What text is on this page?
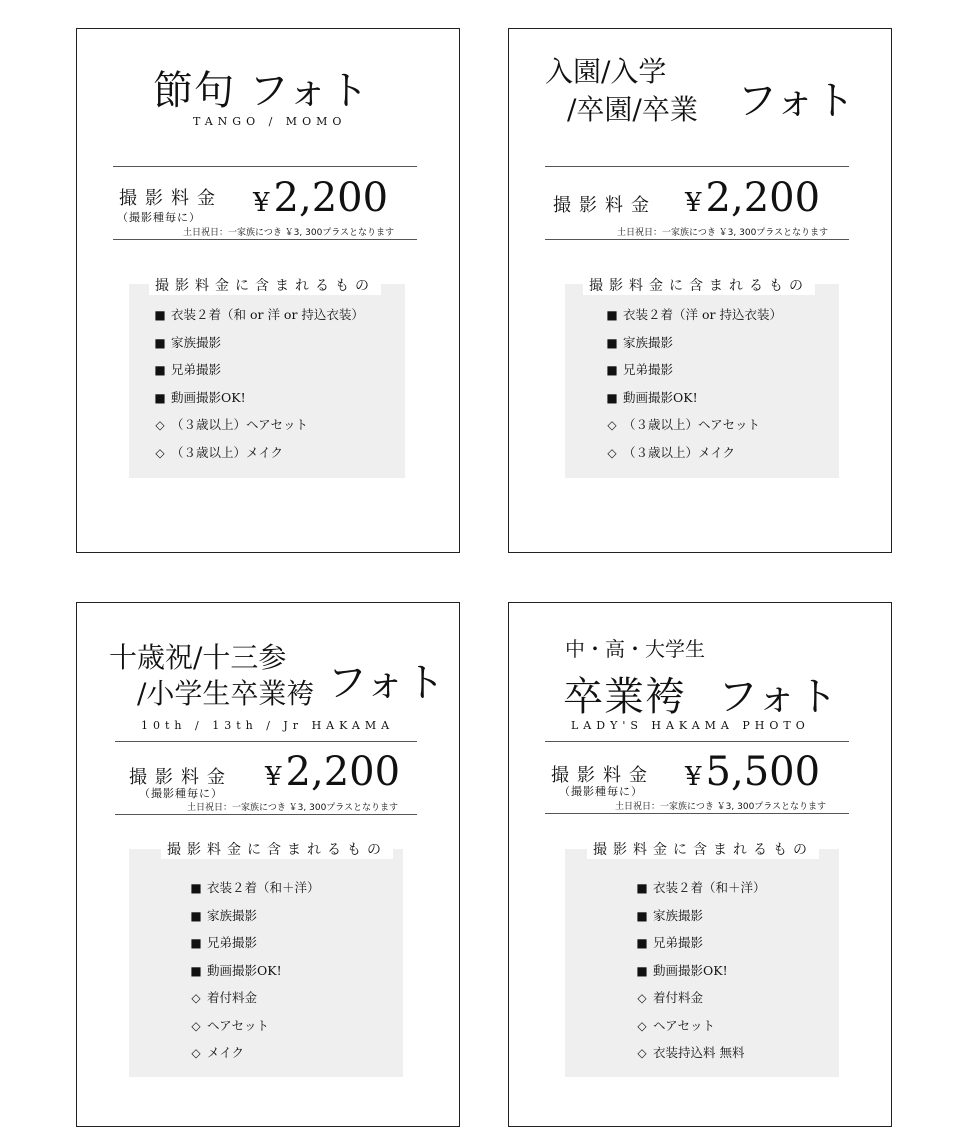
節句 フォト
TANGO / MOMO
撮影料金
（撮影種毎に） ¥ 2,200
土日祝日：一家族につき ￥3, 300プラスとなります
撮影料金に含まれるもの
■ 衣装２着（和 or 洋 or 持込衣装）
■ 家族撮影
■ 兄弟撮影
■ 動画撮影OK!
◇ （３歳以上）ヘアセット
◇ （３歳以上）メイク
入園/入学
/卒園/卒業 フォト
撮影料金 ¥ 2,200
土日祝日：一家族につき ￥3, 300プラスとなります
撮影料金に含まれるもの
■ 衣装２着（洋 or 持込衣装）
■ 家族撮影
■ 兄弟撮影
■ 動画撮影OK!
◇ （３歳以上）ヘアセット
◇ （３歳以上）メイク
十歳祝/十三参
/小学生卒業袴 フォト
10th / 13th / Jr HAKAMA
撮影料金
（撮影種毎に）
¥ 2,200
土日祝日：一家族につき ￥3, 300プラスとなります
撮影料金に含まれるもの
■ 衣装２着（和＋洋）
■ 家族撮影
■ 兄弟撮影
■ 動画撮影OK!
◇ 着付料金
◇ ヘアセット
◇ メイク
中・高・大学生
卒業袴 フォト
LADY'S HAKAMA PHOTO
撮影料金
（撮影種毎に） ¥ 5,500
土日祝日：一家族につき ￥3, 300プラスとなります
撮影料金に含まれるもの
■ 衣装２着（和＋洋）
■ 家族撮影
■ 兄弟撮影
■ 動画撮影OK!
◇ 着付料金
◇ ヘアセット
◇ 衣装持込料 無料
